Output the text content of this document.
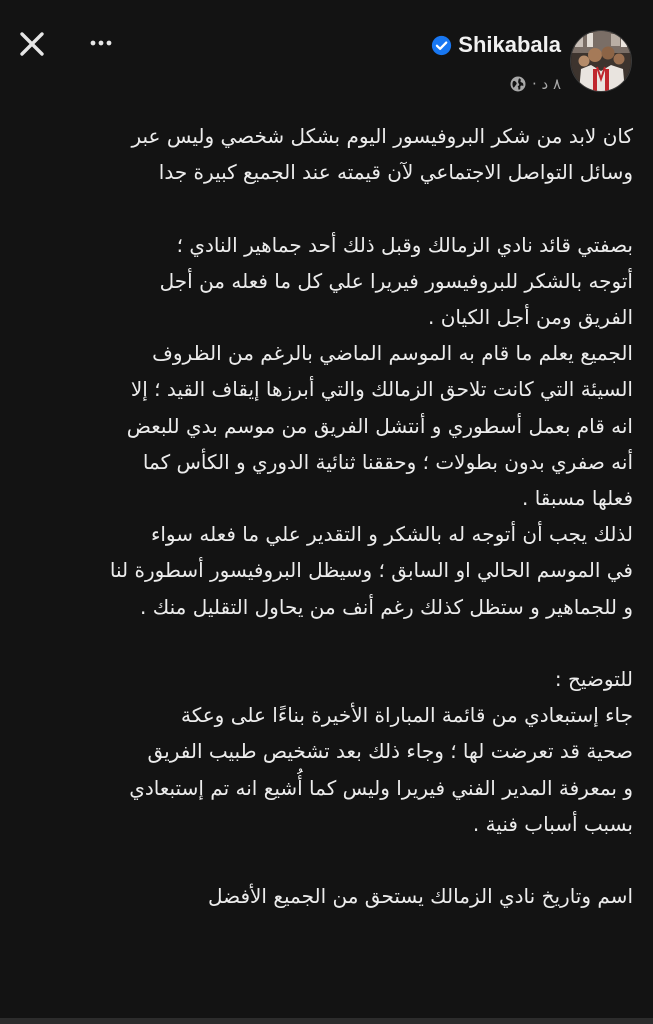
Shikabala
٨ د ·

كان لابد من شكر البروفيسور اليوم بشكل شخصي وليس عبر

وسائل التواصل الاجتماعي لآن قيمته عند الجميع كبيرة جدا

بصفتي قائد نادي الزمالك وقبل ذلك أحد جماهير النادي ؛

أتوجه بالشكر للبروفيسور فيريرا علي كل ما فعله من أجل

الفريق ومن أجل الكيان .

الجميع يعلم ما قام به الموسم الماضي بالرغم من الظروف

السيئة التي كانت تلاحق الزمالك والتي أبرزها إيقاف القيد ؛ إلا

انه قام بعمل أسطوري و أنتشل الفريق من موسم بدي للبعض

أنه صفري بدون بطولات ؛ وحققنا ثنائية الدوري و الكأس كما

فعلها مسبقا .

لذلك يجب أن أتوجه له بالشكر و التقدير علي ما فعله سواء

في الموسم الحالي او السابق ؛ وسيظل البروفيسور أسطورة لنا

و للجماهير و ستظل كذلك رغم أنف من يحاول التقليل منك .

للتوضيح :

جاء إستبعادي من قائمة المباراة الأخيرة بناءًا على وعكة

صحية قد تعرضت لها ؛ وجاء ذلك بعد تشخيص طبيب الفريق

و بمعرفة المدير الفني فيريرا وليس كما أُشيع انه تم إستبعادي

بسبب أسباب فنية .

اسم وتاريخ نادي الزمالك يستحق من الجميع الأفضل
